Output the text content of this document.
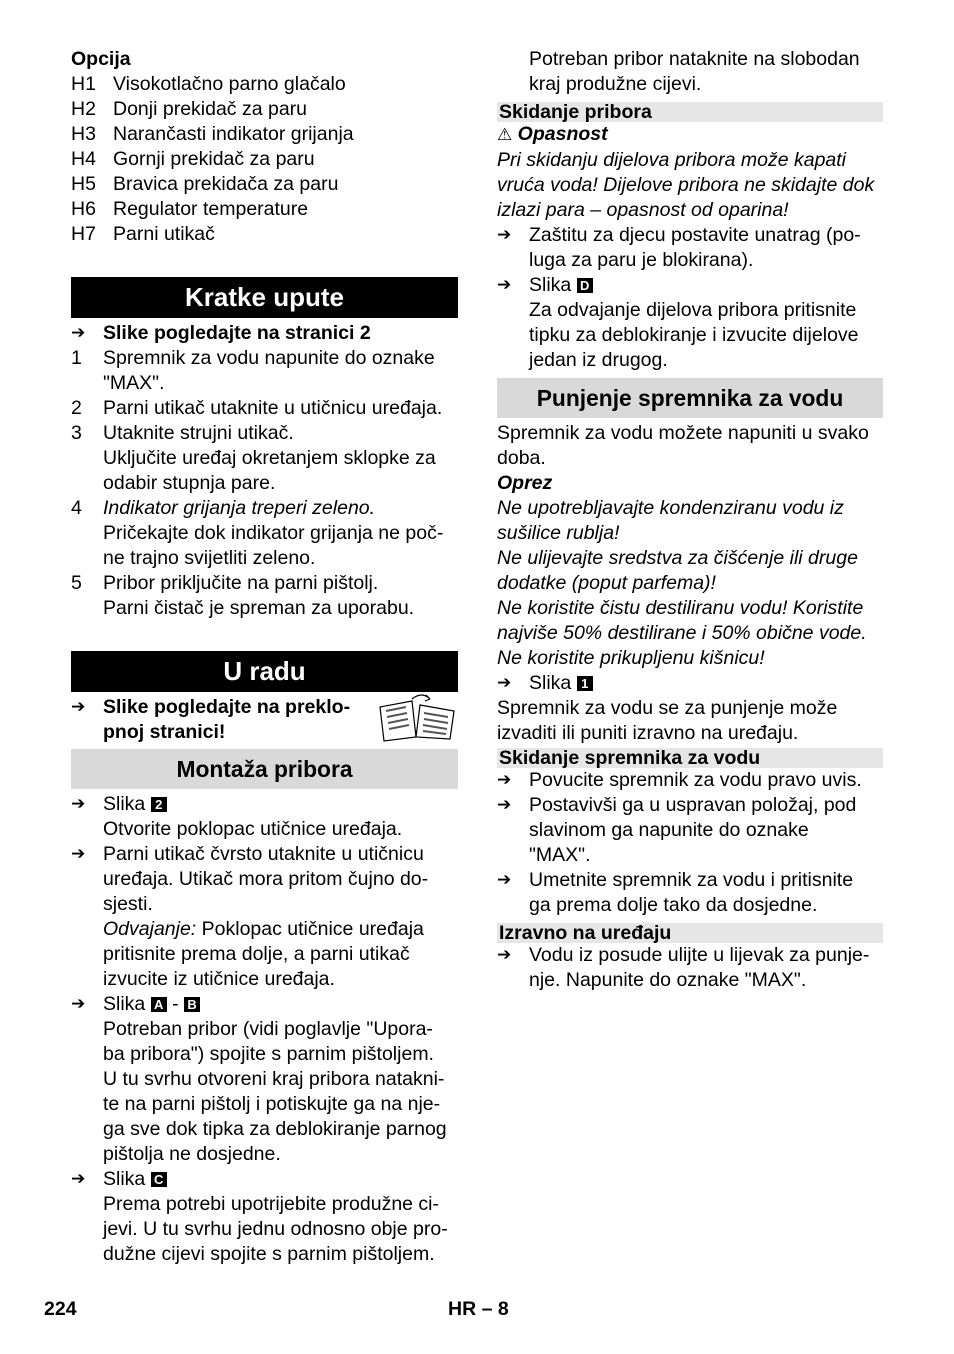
Opcija

H1 Visokotlačno parno glačalo
H2 Donji prekidač za paru
H3 Narančasti indikator grijanja
H4 Gornji prekidač za paru
H5 Bravica prekidača za paru
H6 Regulator temperature
H7 Parni utikač
Kratke upute
➔ Slike pogledajte na stranici 2
1	Spremnik za vodu napunite do oznake
"MAX".
2	Parni utikač utaknite u utičnicu uređaja.
3	Utaknite strujni utikač.
Uključite uređaj okretanjem sklopke za
odabir stupnja pare.
4	Indikator grijanja treperi zeleno.
Pričekajte dok indikator grijanja ne poč-
ne trajno svijetliti zeleno.
5	Pribor priključite na parni pištolj.
Parni čistač je spreman za uporabu.
U radu
➔ Slike pogledajte na preklo-
pnoj stranici!
Montaža pribora
➔ Slika 2
Otvorite poklopac utičnice uređaja.
➔ Parni utikač čvrsto utaknite u utičnicu
uređaja. Utikač mora pritom čujno do-
sjesti.
Odvajanje: Poklopac utičnice uređaja
pritisnite prema dolje, a parni utikač
izvucite iz utičnice uređaja.
➔ Slika A - B
Potreban pribor (vidi poglavlje "Upora-
ba pribora") spojite s parnim pištoljem.
U tu svrhu otvoreni kraj pribora natakni-
te na parni pištolj i potiskujte ga na nje-
ga sve dok tipka za deblokiranje parnog
pištolja ne dosjedne.
➔ Slika C
Prema potrebi upotrijebite produžne ci-
jevi. U tu svrhu jednu odnosno obje pro-
dužne cijevi spojite s parnim pištoljem.
Potreban pribor nataknite na slobodan
kraj produžne cijevi.
Skidanje pribora

⚠ Opasnost

Pri skidanju dijelova pribora može kapati
vruća voda! Dijelove pribora ne skidajte dok
izlazi para – opasnost od oparina!

➔ Zaštitu za djecu postavite unatrag (po-
luga za paru je blokirana).
➔ Slika D
Za odvajanje dijelova pribora pritisnite
tipku za deblokiranje i izvucite dijelove
jedan iz drugog.
Punjenje spremnika za vodu

Spremnik za vodu možete napuniti u svako
doba.

Oprez

Ne upotrebljavajte kondenziranu vodu iz
sušilice rublja!
Ne ulijevajte sredstva za čišćenje ili druge
dodatke (poput parfema)!
Ne koristite čistu destiliranu vodu! Koristite
najviše 50% destilirane i 50% obične vode.
Ne koristite prikupljenu kišnicu!

➔ Slika 1

Spremnik za vodu se za punjenje može
izvaditi ili puniti izravno na uređaju.

Skidanje spremnika za vodu
➔ Povucite spremnik za vodu pravo uvis.
➔ Postavivši ga u uspravan položaj, pod
slavinom ga napunite do oznake
"MAX".
➔ Umetnite spremnik za vodu i pritisnite
ga prema dolje tako da dosjedne.
Izravno na uređaju
➔ Vodu iz posude ulijte u lijevak za punje-
nje. Napunite do oznake "MAX".
224	HR – 8
